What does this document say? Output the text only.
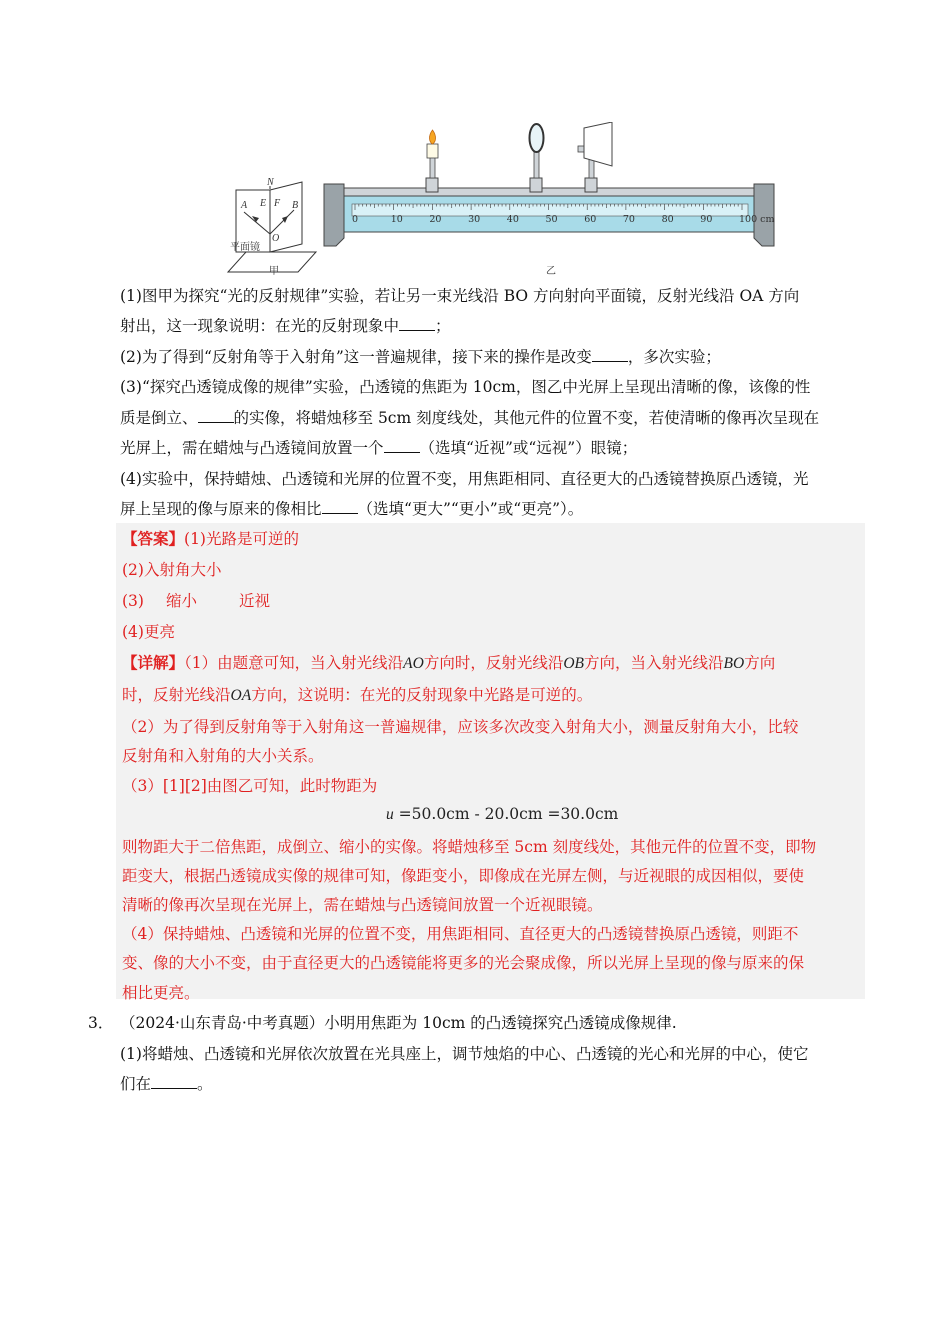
N
A E F B
O
平面镜
甲
0	10	20	30	40	50	60	70	80	90	100 cm
乙
(1)图甲为探究“光的反射规律”实验，若让另一束光线沿 BO 方向射向平面镜，反射光线沿 OA 方向
射出，这一现象说明：在光的反射现象中 ；
(2)为了得到“反射角等于入射角”这一普遍规律，接下来的操作是改变 ，多次实验；
(3)“探究凸透镜成像的规律”实验，凸透镜的焦距为 10cm，图乙中光屏上呈现出清晰的像，该像的性
质是倒立、 的实像，将蜡烛移至 5cm 刻度线处，其他元件的位置不变，若使清晰的像再次呈现在
光屏上，需在蜡烛与凸透镜间放置一个 （选填“近视”或“远视”）眼镜；
(4)实验中，保持蜡烛、凸透镜和光屏的位置不变，用焦距相同、直径更大的凸透镜替换原凸透镜，光
屏上呈现的像与原来的像相比 （选填“更大”“更小”或“更亮”）。
【答案】(1)光路是可逆的
(2)入射角大小
(3) 缩小	近视
(4)更亮
【详解】（1）由题意可知，当入射光线沿AO方向时，反射光线沿OB方向，当入射光线沿BO方向
时，反射光线沿OA方向，这说明：在光的反射现象中光路是可逆的。
（2）为了得到反射角等于入射角这一普遍规律，应该多次改变入射角大小，测量反射角大小，比较
反射角和入射角的大小关系。
（3）[1][2]由图乙可知，此时物距为
u =50.0cm - 20.0cm =30.0cm
则物距大于二倍焦距，成倒立、缩小的实像。将蜡烛移至 5cm 刻度线处，其他元件的位置不变，即物
距变大，根据凸透镜成实像的规律可知，像距变小，即像成在光屏左侧，与近视眼的成因相似，要使
清晰的像再次呈现在光屏上，需在蜡烛与凸透镜间放置一个近视眼镜。
（4）保持蜡烛、凸透镜和光屏的位置不变，用焦距相同、直径更大的凸透镜替换原凸透镜，则距不
变、像的大小不变，由于直径更大的凸透镜能将更多的光会聚成像，所以光屏上呈现的像与原来的保
相比更亮。
3． （2024·山东青岛·中考真题）小明用焦距为 10cm 的凸透镜探究凸透镜成像规律.
(1)将蜡烛、凸透镜和光屏依次放置在光具座上，调节烛焰的中心、凸透镜的光心和光屏的中心，使它
们在	。
